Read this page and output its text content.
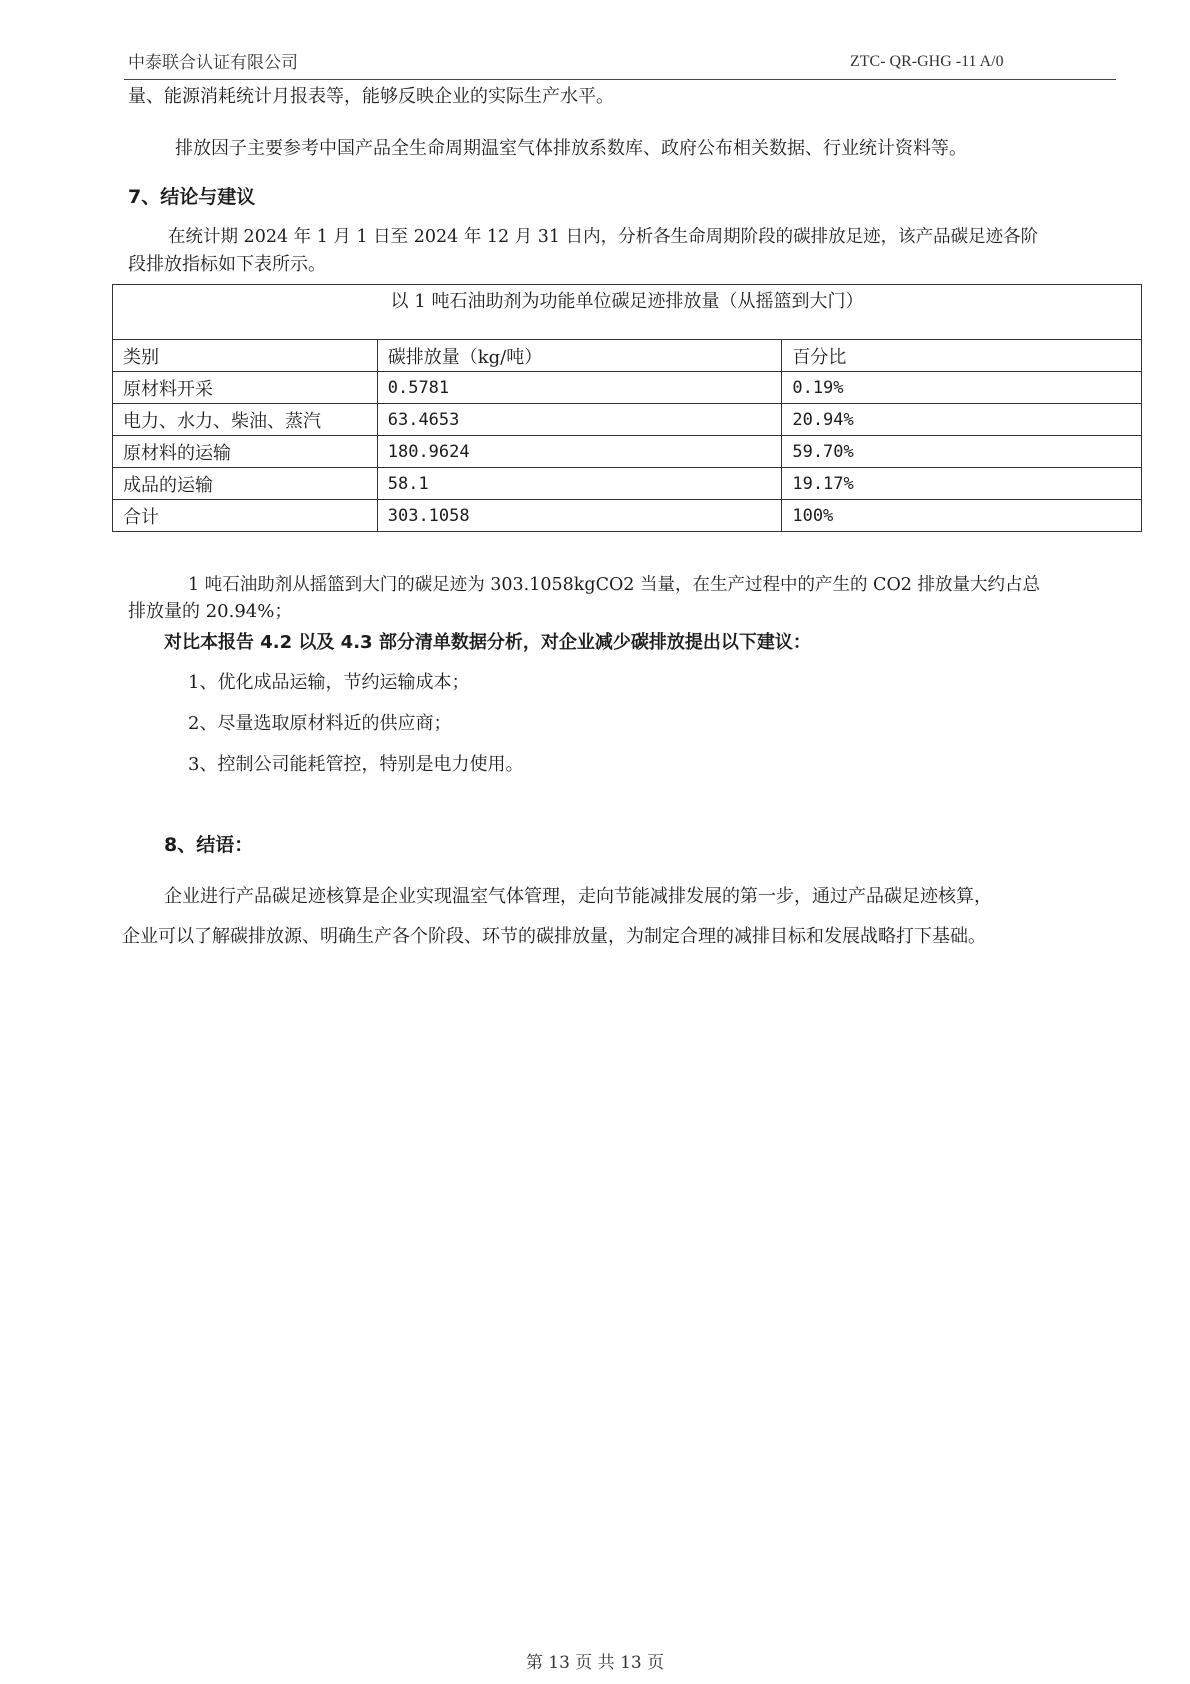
中泰联合认证有限公司	ZTC- QR-GHG -11 A/0
量、能源消耗统计月报表等，能够反映企业的实际生产水平。
排放因子主要参考中国产品全生命周期温室气体排放系数库、政府公布相关数据、行业统计资料等。
7、结论与建议
在统计期 2024 年 1 月 1 日至 2024 年 12 月 31 日内，分析各生命周期阶段的碳排放足迹，该产品碳足迹各阶
段排放指标如下表所示。
以 1 吨石油助剂为功能单位碳足迹排放量（从摇篮到大门）		
类别	碳排放量（kg/吨）	百分比
原材料开采	0.5781	0.19%
电力、水力、柴油、蒸汽	63.4653	20.94%
原材料的运输	180.9624	59.70%
成品的运输	58.1	19.17%
合计	303.1058	100%
1 吨石油助剂从摇篮到大门的碳足迹为 303.1058kgCO2 当量，在生产过程中的产生的 CO2 排放量大约占总
排放量的 20.94%；
对比本报告 4.2 以及 4.3 部分清单数据分析，对企业减少碳排放提出以下建议：
1、优化成品运输，节约运输成本；
2、尽量选取原材料近的供应商；
3、控制公司能耗管控，特别是电力使用。
8、结语：
企业进行产品碳足迹核算是企业实现温室气体管理，走向节能减排发展的第一步，通过产品碳足迹核算，
企业可以了解碳排放源、明确生产各个阶段、环节的碳排放量，为制定合理的减排目标和发展战略打下基础。
第 13 页 共 13 页
